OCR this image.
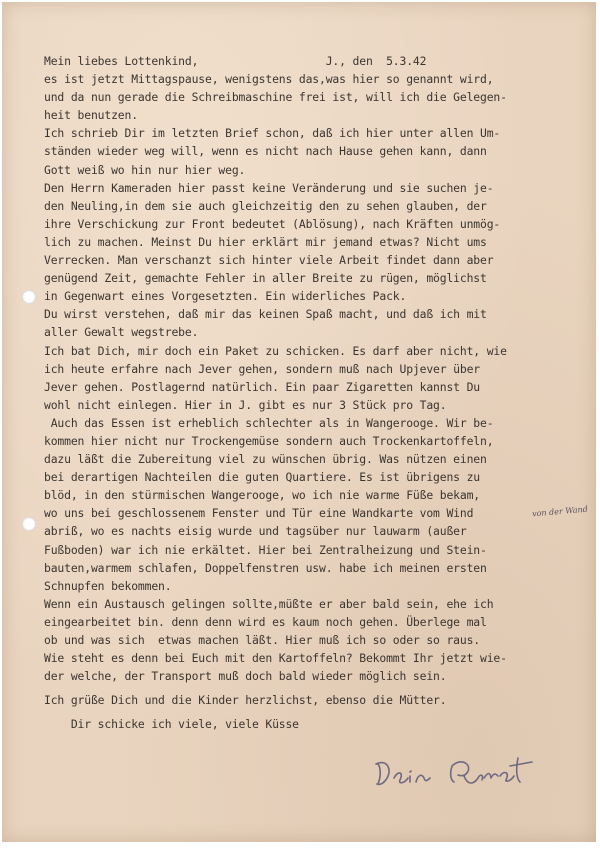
Mein liebes Lottenkind,                   J., den  5.3.42
es ist jetzt Mittagspause, wenigstens das,was hier so genannt wird,
und da nun gerade die Schreibmaschine frei ist, will ich die Gelegen-
heit benutzen.
Ich schrieb Dir im letzten Brief schon, daß ich hier unter allen Um-
ständen wieder weg will, wenn es nicht nach Hause gehen kann, dann
Gott weiß wo hin nur hier weg.
Den Herrn Kameraden hier passt keine Veränderung und sie suchen je-
den Neuling,in dem sie auch gleichzeitig den zu sehen glauben, der
ihre Verschickung zur Front bedeutet (Ablösung), nach Kräften unmög-
lich zu machen. Meinst Du hier erklärt mir jemand etwas? Nicht ums
Verrecken. Man verschanzt sich hinter viele Arbeit findet dann aber
genügend Zeit, gemachte Fehler in aller Breite zu rügen, möglichst
in Gegenwart eines Vorgesetzten. Ein widerliches Pack.
Du wirst verstehen, daß mir das keinen Spaß macht, und daß ich mit
aller Gewalt wegstrebe.
Ich bat Dich, mir doch ein Paket zu schicken. Es darf aber nicht, wie
ich heute erfahre nach Jever gehen, sondern muß nach Upjever über
Jever gehen. Postlagernd natürlich. Ein paar Zigaretten kannst Du
wohl nicht einlegen. Hier in J. gibt es nur 3 Stück pro Tag.
Auch das Essen ist erheblich schlechter als in Wangerooge. Wir be-
kommen hier nicht nur Trockengemüse sondern auch Trockenkartoffeln,
dazu läßt die Zubereitung viel zu wünschen übrig. Was nützen einen
bei derartigen Nachteilen die guten Quartiere. Es ist übrigens zu
blöd, in den stürmischen Wangerooge, wo ich nie warme Füße bekam,
wo uns bei geschlossenem Fenster und Tür eine Wandkarte vom Wind
abriß, wo es nachts eisig wurde und tagsüber nur lauwarm (außer
Fußboden) war ich nie erkältet. Hier bei Zentralheizung und Stein-
bauten,warmem schlafen, Doppelfenstren usw. habe ich meinen ersten
Schnupfen bekommen.
Wenn ein Austausch gelingen sollte,müßte er aber bald sein, ehe ich
eingearbeitet bin. denn denn wird es kaum noch gehen. Überlege mal
ob und was sich  etwas machen läßt. Hier muß ich so oder so raus.
Wie steht es denn bei Euch mit den Kartoffeln? Bekommt Ihr jetzt wie-
der welche, der Transport muß doch bald wieder möglich sein.
Ich grüße Dich und die Kinder herzlichst, ebenso die Mütter.
Dir schicke ich viele, viele Küsse
von der Wand
